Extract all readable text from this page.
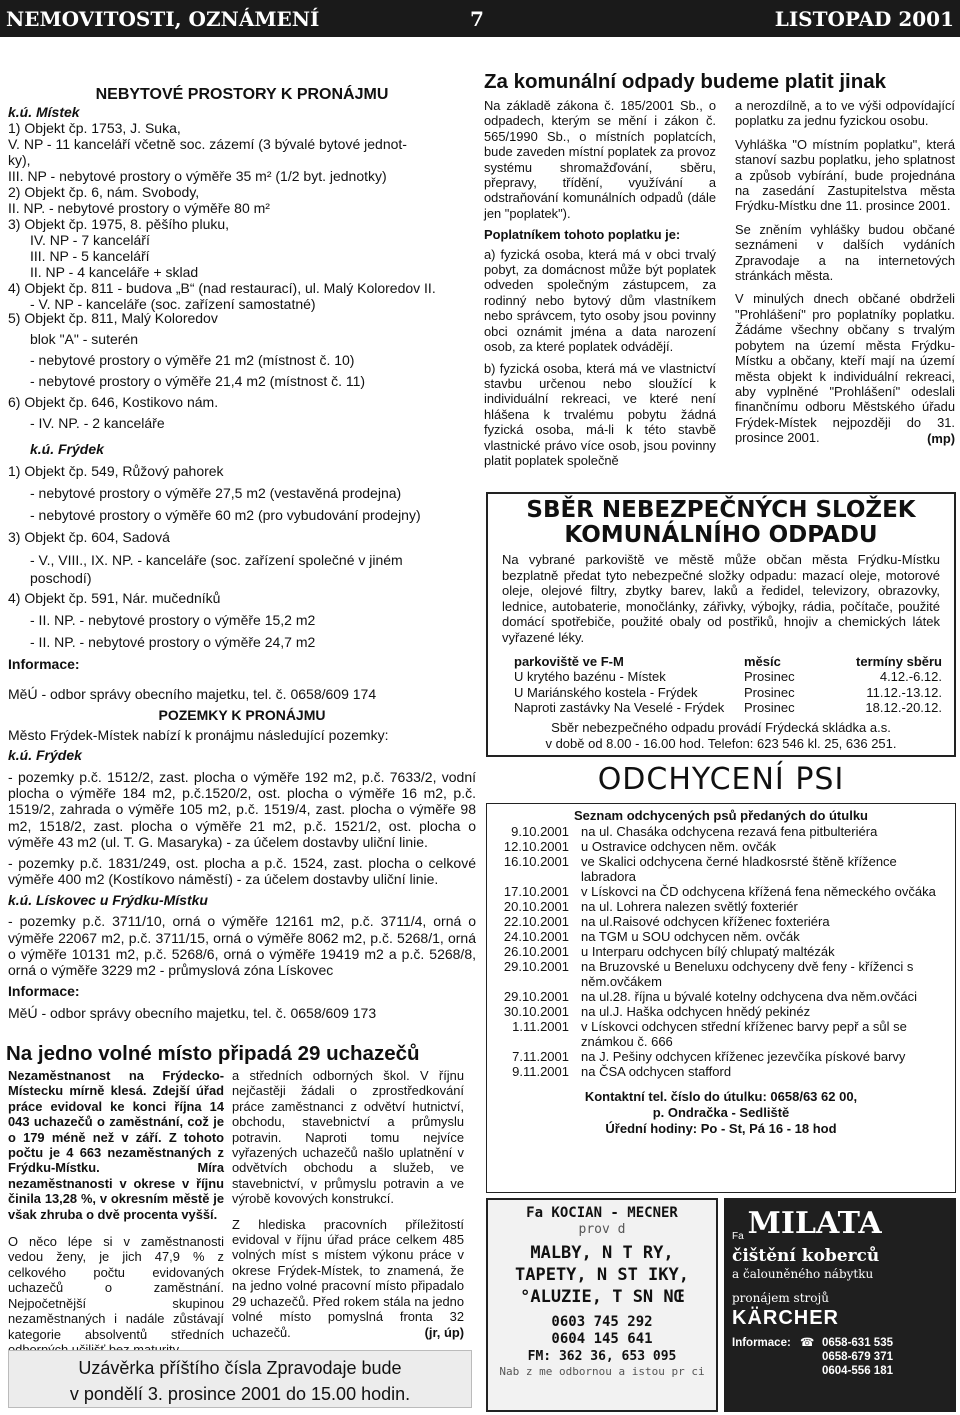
NEMOVITOSTI, OZNÁMENÍ	7	LISTOPAD 2001
NEBYTOVÉ PROSTORY K PRONÁJMU
k.ú. Místek
1) Objekt čp. 1753, J. Suka,
V. NP - 11 kanceláří včetně soc. zázemí (3 bývalé bytové jednot-
ky),
III. NP - nebytové prostory o výměře 35 m² (1/2 byt. jednotky)
2) Objekt čp. 6, nám. Svobody,
II. NP. - nebytové prostory o výměře 80 m²
3) Objekt čp. 1975, 8. pěšího pluku,
IV. NP - 7 kanceláří
III. NP - 5 kanceláří
II. NP - 4 kanceláře + sklad
4) Objekt čp. 811 - budova „B“ (nad restaurací), ul. Malý Koloredov II.
- V. NP - kanceláře (soc. zařízení samostatné)
5) Objekt čp. 811, Malý Koloredov
blok "A" - suterén
- nebytové prostory o výměře 21 m2 (místnost č. 10)
- nebytové prostory o výměře 21,4 m2 (místnost č. 11)
6) Objekt čp. 646, Kostikovo nám.
- IV. NP. - 2 kanceláře
k.ú. Frýdek
1) Objekt čp. 549, Růžový pahorek
- nebytové prostory o výměře 27,5 m2 (vestavěná prodejna)
- nebytové prostory o výměře 60 m2 (pro vybudování prodejny)
3) Objekt čp. 604, Sadová
- V., VIII., IX. NP. - kanceláře (soc. zařízení společné v jiném
poschodí)
4) Objekt čp. 591, Nár. mučedníků
- II. NP. - nebytové prostory o výměře 15,2 m2
- II. NP. - nebytové prostory o výměře 24,7 m2
Informace:
MěÚ - odbor správy obecního majetku, tel. č. 0658/609 174
POZEMKY K PRONÁJMU
Město Frýdek-Místek nabízí k pronájmu následující pozemky:
k.ú. Frýdek
- pozemky p.č. 1512/2, zast. plocha o výměře 192 m2, p.č. 7633/2, vodní plocha o výměře 184 m2, p.č.1520/2, ost. plocha o výměře 16 m2, p.č. 1519/2, zahrada o výměře 105 m2, p.č. 1519/4, zast. plocha o výměře 98 m2, 1518/2, zast. plocha o výměře 21 m2, p.č. 1521/2, ost. plocha o výměře 43 m2 (ul. T. G. Masaryka) - za účelem dostavby uliční linie.
- pozemky p.č. 1831/249, ost. plocha a p.č. 1524, zast. plocha o celkové výměře 400 m2 (Kostíkovo náměstí) - za účelem dostavby uliční linie.
k.ú. Lískovec u Frýdku-Místku
- pozemky p.č. 3711/10, orná o výměře 12161 m2, p.č. 3711/4, orná o výměře 22067 m2, p.č. 3711/15, orná o výměře 8062 m2, p.č. 5268/1, orná o výměře 10131 m2, p.č. 5268/6, orná o výměře 19419 m2 a p.č. 5268/8, orná o výměře 3229 m2 - průmyslová zóna Lískovec
Informace:
MěÚ - odbor správy obecního majetku, tel. č. 0658/609 173
Na jedno volné místo připadá 29 uchazečů

Nezaměstnanost na Frýdecko-Místecku mírně klesá. Zdejší úřad práce evidoval ke konci října 14 043 uchazečů o zaměstnání, což je o 179 méně než v září. Z tohoto počtu je 4 663 nezaměstnaných z Frýdku-Místku. Míra nezaměstnanosti v okrese v říjnu činila 13,28 %, v okresním městě je však zhruba o dvě procenta vyšší.

O něco lépe si v zaměstnanosti vedou ženy, je jich 47,9 % z celkového počtu evidovaných uchazečů o zaměstnání. Nejpočetnější skupinou nezaměstnaných i nadále zůstávají kategorie absolventů středních

a středních odborných škol. V říjnu nejčastěji žádali o zprostředkování práce zaměstnanci z odvětví hutnictví, obchodu, stavebnictví a průmyslu potravin. Naproti tomu nejvíce vyřazených uchazečů našlo uplatnění v odvětvích obchodu a služeb, ve stavebnictví, v průmyslu potravin a ve výrobě kovových konstrukcí.

Z hlediska pracovních příležitostí evidoval v říjnu úřad práce celkem 485 volných míst s místem výkonu práce v okrese Frýdek-Místek, to znamená, že na jedno volné pracovní místo připadalo 29 uchazečů. Před rokem stála na jedno volné místo pomyslná fronta 32 uchazečů.	(jr, úp)

Uzávěrka příštího čísla Zpravodaje bude
v pondělí 3. prosince 2001 do 15.00 hodin.
Za komunální odpady budeme platit jinak

Na základě zákona č. 185/2001 Sb., o odpadech, kterým se mění i zákon č. 565/1990 Sb., o místních poplatcích, bude zaveden místní poplatek za provoz systému shromažďování, sběru, přepravy, třídění, využívání a odstraňování komunálních odpadů (dále jen "poplatek").

Poplatníkem tohoto poplatku je:

a) fyzická osoba, která má v obci trvalý pobyt, za domácnost může být poplatek odveden společným zástupcem, za rodinný nebo bytový dům vlastníkem nebo správcem, tyto osoby jsou povinny obci oznámit jména a data narození osob, za které poplatek odvádějí.

b) fyzická osoba, která má ve vlastnictví stavbu určenou nebo sloužící k individuální rekreaci, ve které není hlášena k trvalému pobytu žádná fyzická osoba, má-li k této stavbě vlastnické právo více osob, jsou povinny platit poplatek společně

a nerozdílně, a to ve výši odpovídající poplatku za jednu fyzickou osobu.

Vyhláška "O místním poplatku", která stanoví sazbu poplatku, jeho splatnost a způsob vybírání, bude projednána na zasedání Zastupitelstva města Frýdku-Místku dne 11. prosince 2001.

Se zněním vyhlášky budou občané seznámeni v dalších vydáních Zpravodaje a na internetových stránkách města.

V minulých dnech občané obdrželi "Prohlášení" pro poplatníky poplatku. Žádáme všechny občany s trvalým pobytem na území města Frýdku-Místku a občany, kteří mají na území města objekt k individuální rekreaci, aby vyplněné "Prohlášení" odeslali finančnímu odboru Městského úřadu Frýdek-Místek nejpozději do 31. prosince 2001.	(mp)

SBĚR NEBEZPEČNÝCH SLOŽEK
KOMUNÁLNÍHO ODPADU
Na vybrané parkoviště ve městě může občan města Frýdku-Místku bezplatně předat tyto nebezpečné složky odpadu: mazací oleje, motorové oleje, olejové filtry, zbytky barev, laků a ředidel, televizory, obrazovky, lednice, autobaterie, monočlánky, zářivky, výbojky, rádia, počítače, použité domácí spotřebiče, použité obaly od postřiků, hnojiv a chemických látek vyřazené léky.
parkoviště ve F-M	měsíc	termíny sběru
U krytého bazénu - Místek	Prosinec	4.12.-6.12.
U Mariánského kostela - Frýdek	Prosinec	11.12.-13.12.
Naproti zastávky Na Veselé - Frýdek	Prosinec	18.12.-20.12.
Sběr nebezpečného odpadu provádí Frýdecká skládka a.s.
v době od 8.00 - 16.00 hod. Telefon: 623 546 kl. 25, 636 251.
ODCHYCENÍ PSI
Seznam odchycených psů předaných do útulku
9.10.2001	na ul. Chasáka odchycena rezavá fena pitbulteriéra
12.10.2001	u Ostravice odchycen něm. ovčák
16.10.2001	ve Skalici odchycena černé hladkosrsté štěně křížence labradora
17.10.2001	v Lískovci na ČD odchycena křížená fena německého ovčáka
20.10.2001	na ul. Lohrera nalezen světlý foxteriér
22.10.2001	na ul.Raisové odchycen kříženec foxteriéra
24.10.2001	na TGM u SOU odchycen něm. ovčák
26.10.2001	u Interparu odchycen bílý chlupatý maltézák
29.10.2001	na Bruzovské u Beneluxu odchyceny dvě feny - kříženci s něm.ovčákem
29.10.2001	na ul.28. října u bývalé kotelny odchycena dva něm.ovčáci
30.10.2001	na ul.J. Haška odchycen hnědý pekinéz
1.11.2001	v Lískovci odchycen střední kříženec barvy pepř a sůl se známkou č. 666
7.11.2001	na J. Pešiny odchycen kříženec jezevčíka pískové barvy
9.11.2001	na ČSA odchycen stafford
Kontaktní tel. číslo do útulku: 0658/63 62 00,
p. Ondračka - Sedliště
Úřední hodiny: Po - St, Pá 16 - 18 hod
Fa KOCIAN - MECNER
prov d
MALBY, N T RY,
TAPETY, N ST IKY,
°ALUZIE, T SN NŒ
0603 745 292
0604 145 641
FM: 362 36, 653 095
Nab z me odbornou a istou pr ci
Fa MILATA
čištění koberců
a čalouněného nábytku
pronájem strojů
KÄRCHER
Informace: ☎ 0658-631 535
0658-679 371
0604-556 181
